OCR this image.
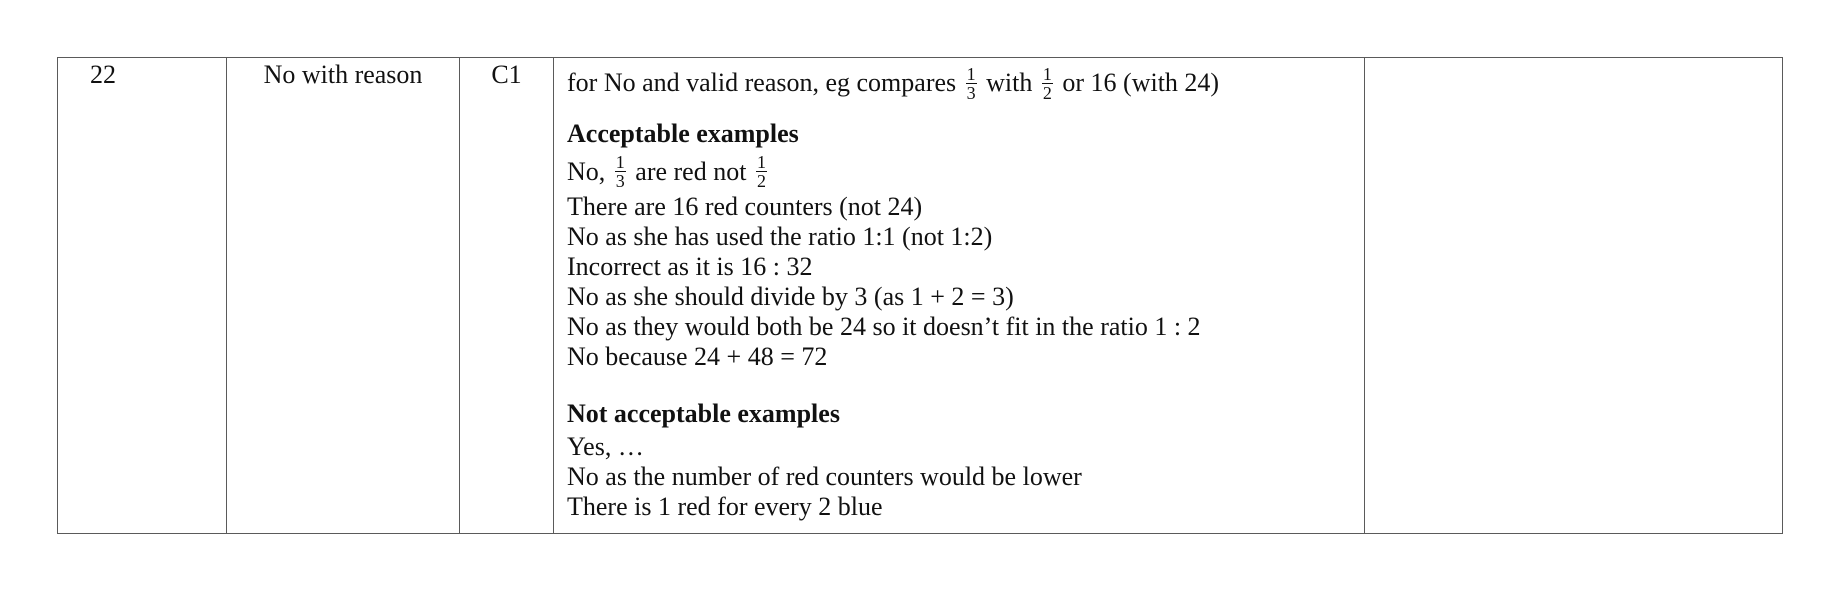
22	No with reason	C1	for No and valid reason, eg compares $\frac{1}{3}$ with $\frac{1}{2}$ or 16 (with 24)
Acceptable examples
No, $\frac{1}{3}$ are red not $\frac{1}{2}$
There are 16 red counters (not 24)
No as she has used the ratio 1:1 (not 1:2)
Incorrect as it is 16 : 32
No as she should divide by 3 (as 1 + 2 = 3)
No as they would both be 24 so it doesn’t fit in the ratio 1 : 2
No because 24 + 48 = 72
Not acceptable examples
Yes, …
No as the number of red counters would be lower
There is 1 red for every 2 blue
